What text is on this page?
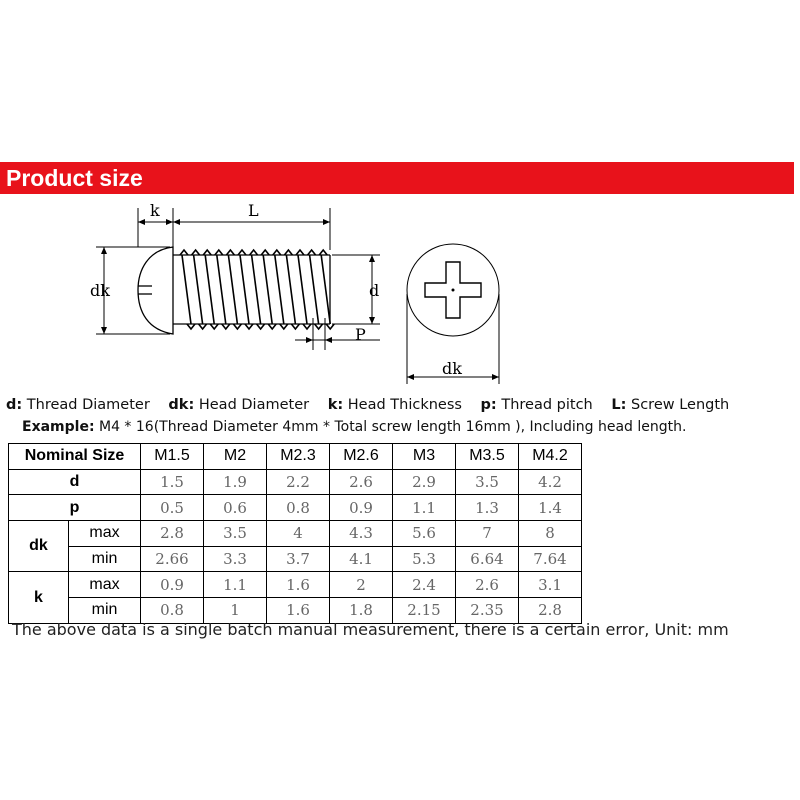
Product size
k	L
dk	d
P
dk
d: Thread Diameter dk: Head Diameter k: Head Thickness p: Thread pitch L: Screw Length
Example: M4 * 16(Thread Diameter 4mm * Total screw length 16mm ), Including head length.
Nominal Size		M1.5	M2	M2.3	M2.6	M3	M3.5	M4.2
d		1.5	1.9	2.2	2.6	2.9	3.5	4.2
p		0.5	0.6	0.8	0.9	1.1	1.3	1.4
dk	max	2.8	3.5	4	4.3	5.6	7	8
	min	2.66	3.3	3.7	4.1	5.3	6.64	7.64
k	max	0.9	1.1	1.6	2	2.4	2.6	3.1
	min	0.8	1	1.6	1.8	2.15	2.35	2.8
The above data is a single batch manual measurement, there is a certain error, Unit: mm
